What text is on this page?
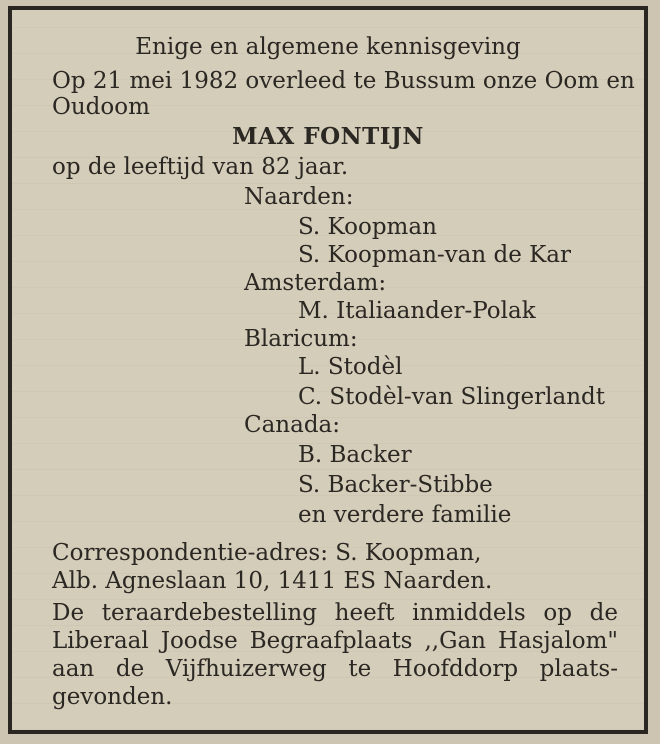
Enige en algemene kennisgeving
Op 21 mei 1982 overleed te Bussum onze Oom en
Oudoom
MAX FONTIJN
op de leeftijd van 82 jaar.
Naarden:
S. Koopman
S. Koopman-van de Kar
Amsterdam:
M. Italiaander-Polak
Blaricum:
L. Stodèl
C. Stodèl-van Slingerlandt
Canada:
B. Backer
S. Backer-Stibbe
en verdere familie
Correspondentie-adres: S. Koopman,
Alb. Agneslaan 10, 1411 ES Naarden.
De teraardebestelling heeft inmiddels op de
Liberaal Joodse Begraafplaats ,,Gan Hasjalom"
aan de Vijfhuizerweg te Hoofddorp plaats-
gevonden.
